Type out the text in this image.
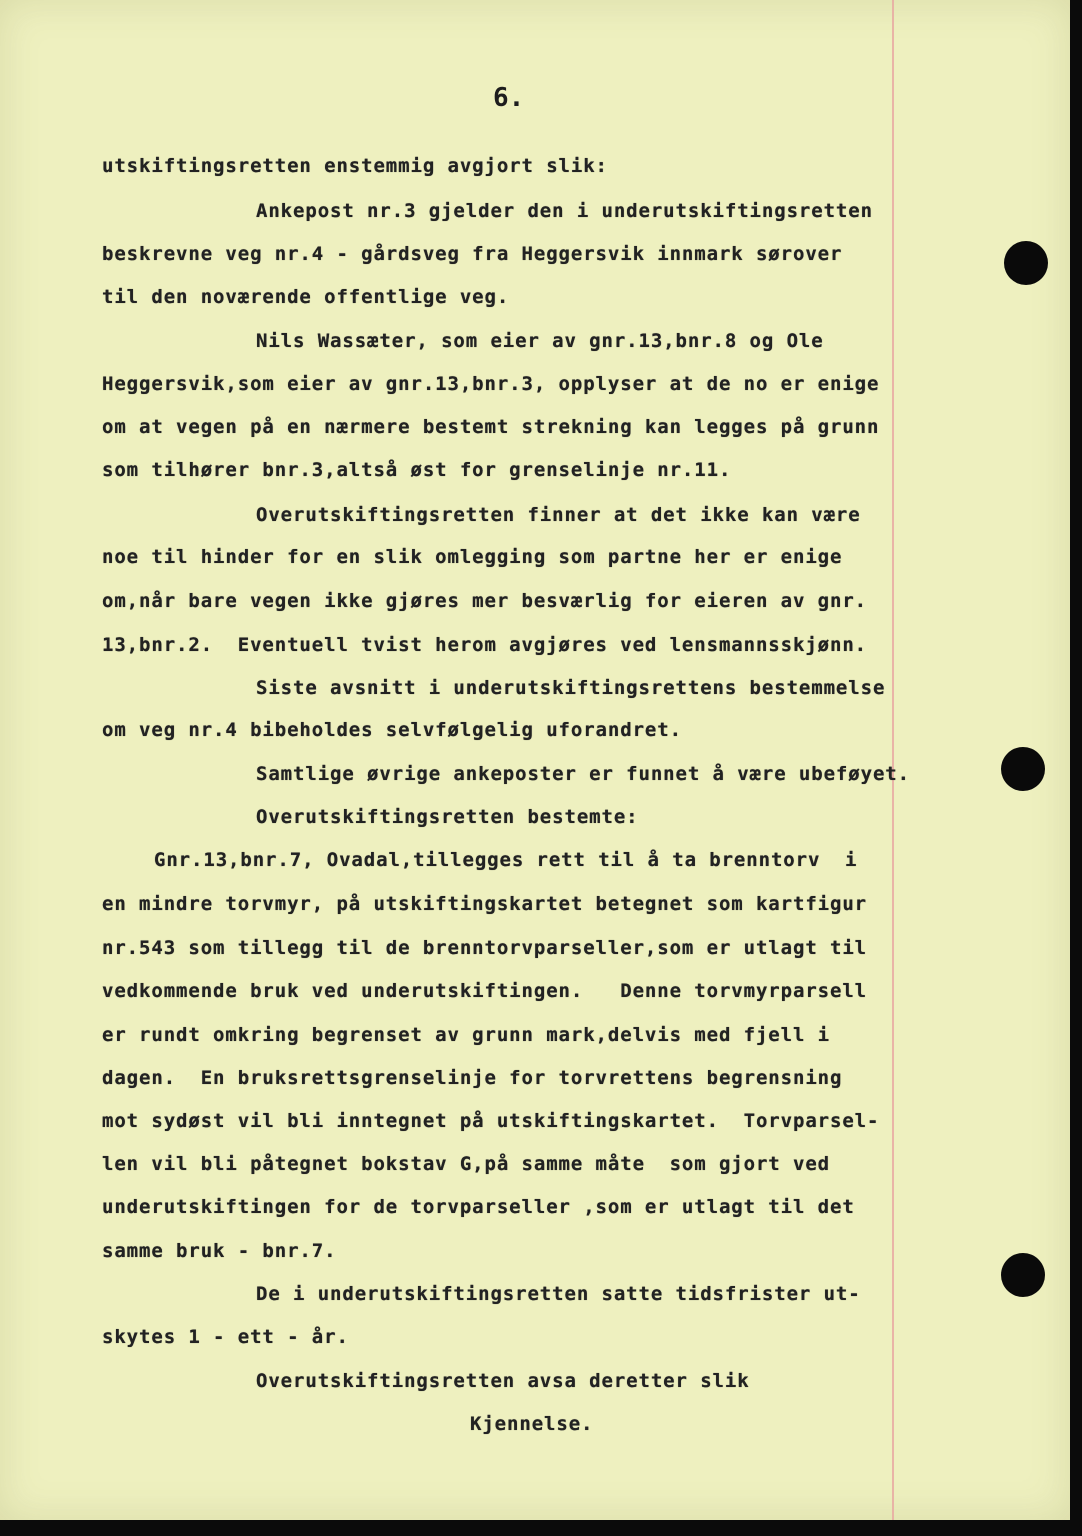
6.
utskiftingsretten enstemmig avgjort slik:
Ankepost nr.3 gjelder den i underutskiftingsretten
beskrevne veg nr.4 - gårdsveg fra Heggersvik innmark sørover
til den noværende offentlige veg.
Nils Wassæter, som eier av gnr.13,bnr.8 og Ole
Heggersvik,som eier av gnr.13,bnr.3, opplyser at de no er enige
om at vegen på en nærmere bestemt strekning kan legges på grunn
som tilhører bnr.3,altså øst for grenselinje nr.11.
Overutskiftingsretten finner at det ikke kan være
noe til hinder for en slik omlegging som partne her er enige
om,når bare vegen ikke gjøres mer besværlig for eieren av gnr.
13,bnr.2.  Eventuell tvist herom avgjøres ved lensmannsskjønn.
Siste avsnitt i underutskiftingsrettens bestemmelse
om veg nr.4 bibeholdes selvfølgelig uforandret.
Samtlige øvrige ankeposter er funnet å være ubeføyet.
Overutskiftingsretten bestemte:
Gnr.13,bnr.7, Ovadal,tillegges rett til å ta brenntorv  i
en mindre torvmyr, på utskiftingskartet betegnet som kartfigur
nr.543 som tillegg til de brenntorvparseller,som er utlagt til
vedkommende bruk ved underutskiftingen.   Denne torvmyrparsell
er rundt omkring begrenset av grunn mark,delvis med fjell i
dagen.  En bruksrettsgrenselinje for torvrettens begrensning
mot sydøst vil bli inntegnet på utskiftingskartet.  Torvparsel-
len vil bli påtegnet bokstav G,på samme måte  som gjort ved
underutskiftingen for de torvparseller ,som er utlagt til det
samme bruk - bnr.7.
De i underutskiftingsretten satte tidsfrister ut-
skytes 1 - ett - år.
Overutskiftingsretten avsa deretter slik
Kjennelse.
